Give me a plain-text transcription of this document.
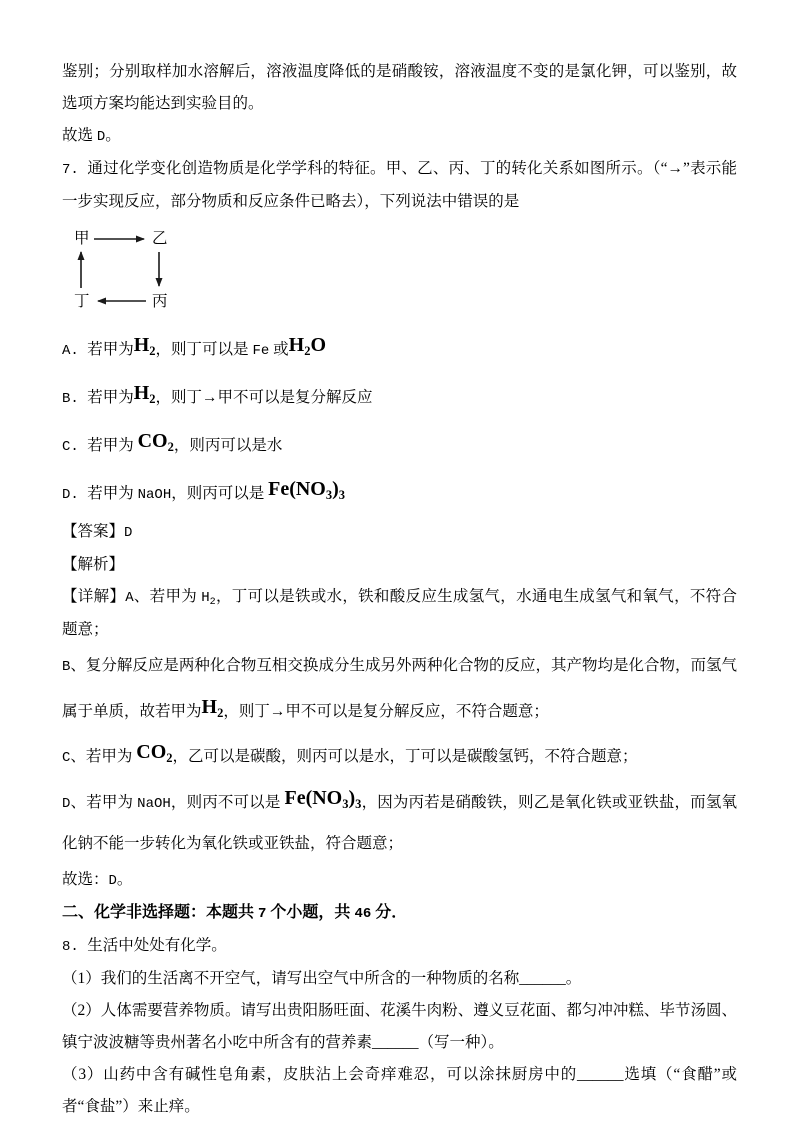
鉴别；分别取样加水溶解后，溶液温度降低的是硝酸铵，溶液温度不变的是氯化钾，可以鉴别，故选项方案均能达到实验目的。
故选 D。
7. 通过化学变化创造物质是化学学科的特征。甲、乙、丙、丁的转化关系如图所示。（“→”表示能一步实现反应，部分物质和反应条件已略去），下列说法中错误的是
甲	乙
丁	丙
A. 若甲为$H_2$，则丁可以是 Fe 或$H_2O$
B. 若甲为$H_2$，则丁→甲不可以是复分解反应
C. 若甲为 $CO_2$，则丙可以是水
D. 若甲为 NaOH，则丙可以是 $Fe(NO_3)_3$
【答案】D
【解析】
【详解】A、若甲为 $H_2$，丁可以是铁或水，铁和酸反应生成氢气，水通电生成氢气和氧气，不符合题意；
B、复分解反应是两种化合物互相交换成分生成另外两种化合物的反应，其产物均是化合物，而氢气属于单质，故若甲为$H_2$，则丁→甲不可以是复分解反应，不符合题意；
C、若甲为 $CO_2$，乙可以是碳酸，则丙可以是水，丁可以是碳酸氢钙，不符合题意；
D、若甲为 NaOH，则丙不可以是 $Fe(NO_3)_3$，因为丙若是硝酸铁，则乙是氧化铁或亚铁盐，而氢氧化钠不能一步转化为氧化铁或亚铁盐，符合题意；
故选：D。
二、化学非选择题：本题共 7 个小题，共 46 分．
8. 生活中处处有化学。
（1）我们的生活离不开空气，请写出空气中所含的一种物质的名称______。
（2）人体需要营养物质。请写出贵阳肠旺面、花溪牛肉粉、遵义豆花面、都匀冲冲糕、毕节汤圆、镇宁波波糖等贵州著名小吃中所含有的营养素______（写一种）。
（3）山药中含有碱性皂角素，皮肤沾上会奇痒难忍，可以涂抹厨房中的______选填（“食醋”或者“食盐”）来止痒。
